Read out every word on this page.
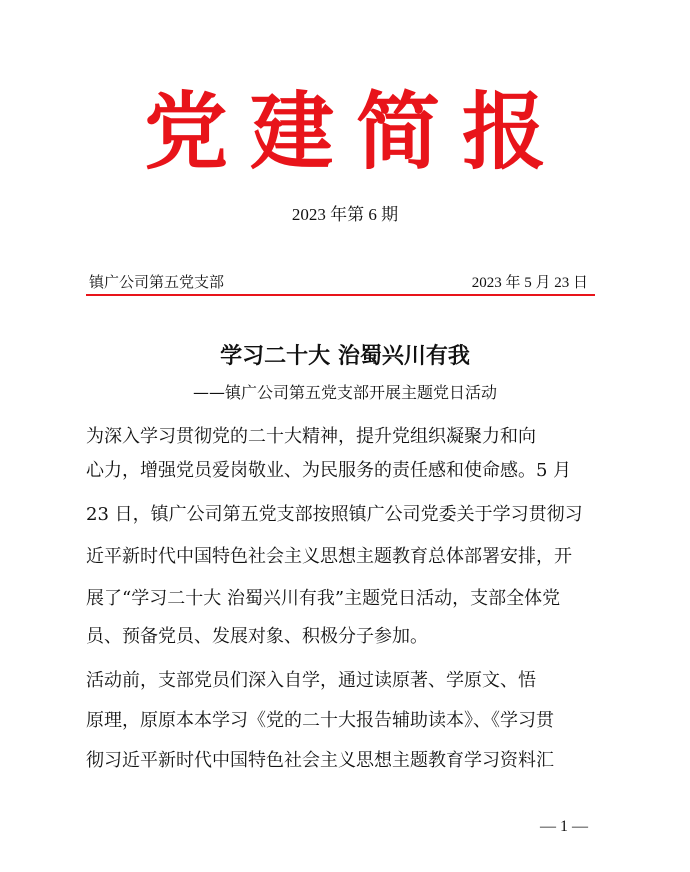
党建简报
2023 年第 6 期
镇广公司第五党支部	2023 年 5 月 23 日
学习二十大 治蜀兴川有我
——镇广公司第五党支部开展主题党日活动
为深入学习贯彻党的二十大精神，提升党组织凝聚力和向
心力，增强党员爱岗敬业、为民服务的责任感和使命感。5 月
23 日，镇广公司第五党支部按照镇广公司党委关于学习贯彻习
近平新时代中国特色社会主义思想主题教育总体部署安排，开
展了“学习二十大 治蜀兴川有我”主题党日活动，支部全体党
员、预备党员、发展对象、积极分子参加。
活动前，支部党员们深入自学，通过读原著、学原文、悟
原理，原原本本学习《党的二十大报告辅助读本》、《学习贯
彻习近平新时代中国特色社会主义思想主题教育学习资料汇
— 1 —
